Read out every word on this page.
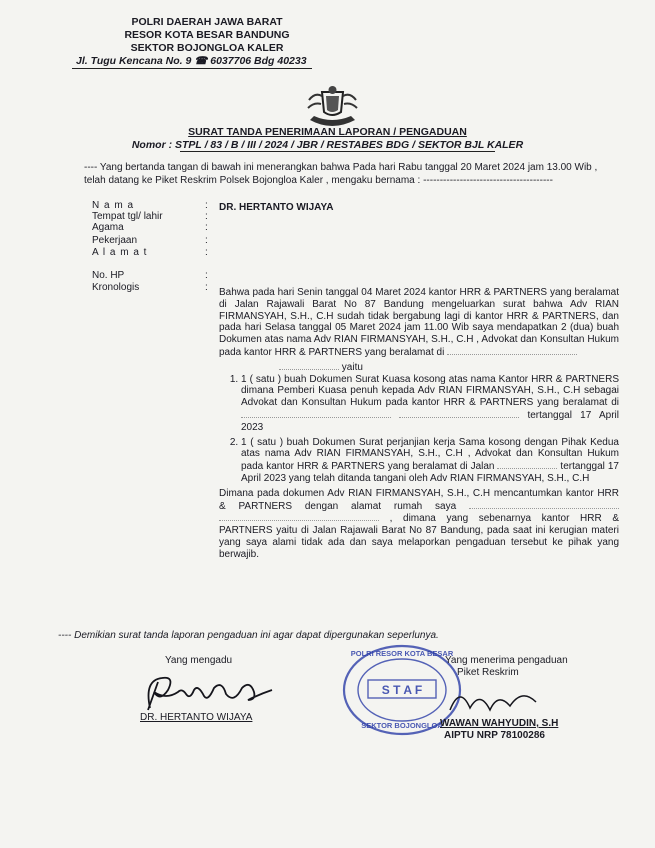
POLRI DAERAH JAWA BARAT
RESOR KOTA BESAR BANDUNG
SEKTOR BOJONGLOA KALER
Jl. Tugu Kencana No. 9 ☎ 6037706 Bdg 40233
SURAT TANDA PENERIMAAN LAPORAN / PENGADUAN
Nomor : STPL / 83 / B / III / 2024 / JBR / RESTABES BDG / SEKTOR BJL KALER
---- Yang bertanda tangan di bawah ini menerangkan bahwa Pada hari Rabu tanggal 20 Maret 2024 jam 13.00 Wib , telah datang ke Piket Reskrim Polsek Bojongloa Kaler , mengaku bernama : ---------------------------------------
N a m a	: DR. HERTANTO WIJAYA
Tempat tgl/ lahir	:
Agama	:
Pekerjaan	:
A l a m a t	:
No. HP	:
Kronologis	: Bahwa pada hari Senin tanggal 04 Maret 2024 kantor HRR & PARTNERS yang beralamat di Jalan Rajawali Barat No 87 Bandung mengeluarkan surat bahwa Adv RIAN FIRMANSYAH, S.H., C.H sudah tidak bergabung lagi di kantor HRR & PARTNERS, dan pada hari Selasa tanggal 05 Maret 2024 jam 11.00 Wib saya mendapatkan 2 (dua) buah Dokumen atas nama Adv RIAN FIRMANSYAH, S.H., C.H , Advokat dan Konsultan Hukum pada kantor HRR & PARTNERS yang beralamat di

yaitu

1. 1 ( satu ) buah Dokumen Surat Kuasa kosong atas nama Kantor HRR & PARTNERS dimana Pemberi Kuasa penuh kepada Adv RIAN FIRMANSYAH, S.H., C.H sebagai Advokat dan Konsultan Hukum pada kantor HRR & PARTNERS yang beralamat di   tertanggal 17 April 2023
2. 1 ( satu ) buah Dokumen Surat perjanjian kerja Sama kosong dengan Pihak Kedua atas nama Adv RIAN FIRMANSYAH, S.H., C.H , Advokat dan Konsultan Hukum pada kantor HRR & PARTNERS yang beralamat di Jalan	tertanggal 17 April 2023 yang telah ditanda tangani oleh Adv RIAN FIRMANSYAH, S.H., C.H

Dimana pada dokumen Adv RIAN FIRMANSYAH, S.H., C.H mencantumkan kantor HRR & PARTNERS dengan alamat rumah saya   , dimana yang sebenarnya kantor HRR & PARTNERS yaitu di Jalan Rajawali Barat No 87 Bandung, pada saat ini kerugian materi yang saya alami tidak ada dan saya melaporkan pengaduan tersebut ke pihak yang berwajib.

---- Demikian surat tanda laporan pengaduan ini agar dapat dipergunakan seperlunya.
Yang mengadu
DR. HERTANTO WIJAYA
S T A F
POLRI RESOR KOTA BESAR
SEKTOR BOJONGLOA
Yang menerima pengaduan
Piket Reskrim
WAWAN WAHYUDIN, S.H
AIPTU NRP 78100286
